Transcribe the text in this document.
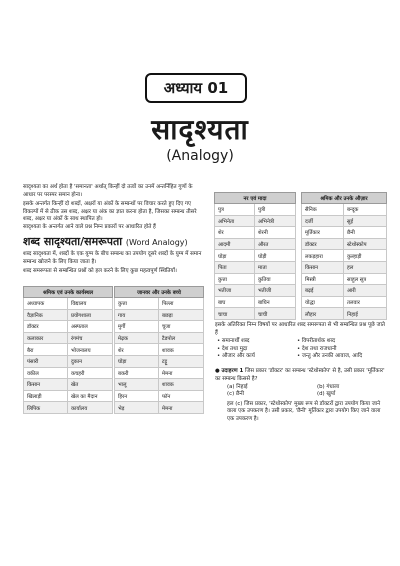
अध्याय 01
सादृश्यता
(Analogy)
सादृश्यता का अर्थ होता है 'समानता' अर्थात् किन्हीं दो तत्वों का उनमें अन्तर्निहित गुणों के आधार पर परस्पर समान होना।
इसके अन्तर्गत किन्हीं दो शब्दों, अक्षरों या अंकों के सम्बन्धों पर विचार करते हुए दिए गए विकल्पों में से ठीक उस शब्द, अक्षर या अंक का ज्ञात करना होता है, जिसका सम्बन्ध तीसरे शब्द, अक्षर या अंकों के साथ स्थापित हो।
सादृश्यता के अन्तर्गत आने वाले प्रश्न निम्न प्रकारों पर आधारित होते हैं
शब्द सादृश्यता/समरूपता (Word Analogy)
शब्द सादृश्यता में, शब्दों के एक युग्म के बीच सम्बन्ध का उपयोग दूसरे शब्दों के युग्म में समान सम्बन्ध खोजने के लिए किया जाता है।
शब्द समरूपता से सम्बन्धित प्रश्नों को हल करने के लिए कुछ महत्वपूर्ण स्थितियाँ।
श्रमिक एवं उनके कार्यस्थल	
अध्यापक	विद्यालय
वैज्ञानिक	प्रयोगशाला
डॉक्टर	अस्पताल
कलाकार	रंगमंच
बैरा	भोजनालय
पंसारी	दुकान
वकील	कचहरी
किसान	खेत
खिलाड़ी	खेल का मैदान
लिपिक	कार्यालय
जानवर और उनके बच्चे	
कुत्ता	पिल्ला
गाय	बछड़ा
मुर्गी	चूजा
मेढ़क	टैडपोल
शेर	शावक
घोड़ा	टट्टू
बकरी	मेमना
भालू	शावक
हिरन	फॉन
भेड़	मेमना
नर एवं मादा	
पुत्र	पुत्री
अभिनेता	अभिनेत्री
शेर	शेरनी
आदमी	औरत
घोड़ा	घोड़ी
पिता	माता
कुत्ता	कुतिया
भतीजा	भतीजी
बाघ	बाघिन
चाचा	चाची
श्रमिक और उनके औज़ार	
सैनिक	बन्दूक
दर्जी	सुई
मूर्तिकार	छैनी
डॉक्टर	स्टेथोस्कोप
लकड़हारा	कुल्हाड़ी
किसान	हल
मिस्त्री	साहुल सूत्र
बढ़ई	आरी
योद्धा	तलवार
लौहार	निहाई
इसके अतिरिक्त निम्न विषयों पर आधारित शब्द समरूपता से भी सम्बन्धित प्रश्न पूछे जाते हैं
• समानार्थी शब्द	• विपरीतार्थक शब्द
• देश तथा मुद्रा	• देश तथा राजधानी
• औजार और कार्य	• जन्तु और उनकी आवाज, आदि
● उदाहरण 1 जिस प्रकार 'डॉक्टर' का सम्बन्ध 'स्टेथोस्कोप' से है, उसी प्रकार 'मूर्तिकार' का सम्बन्ध किससे है?
(a) निहाई	(b) गंधाला
(c) छैनी	(d) खुर्पा
हल (c) जिस प्रकार, 'स्टेथोस्कोप' मुख्य रूप से डॉक्टरों द्वारा उपयोग किया जाने वाला एक उपकरण है। उसी प्रकार, 'छैनी' मूर्तिकार द्वारा उपयोग किए जाने वाला एक उपकरण है।
